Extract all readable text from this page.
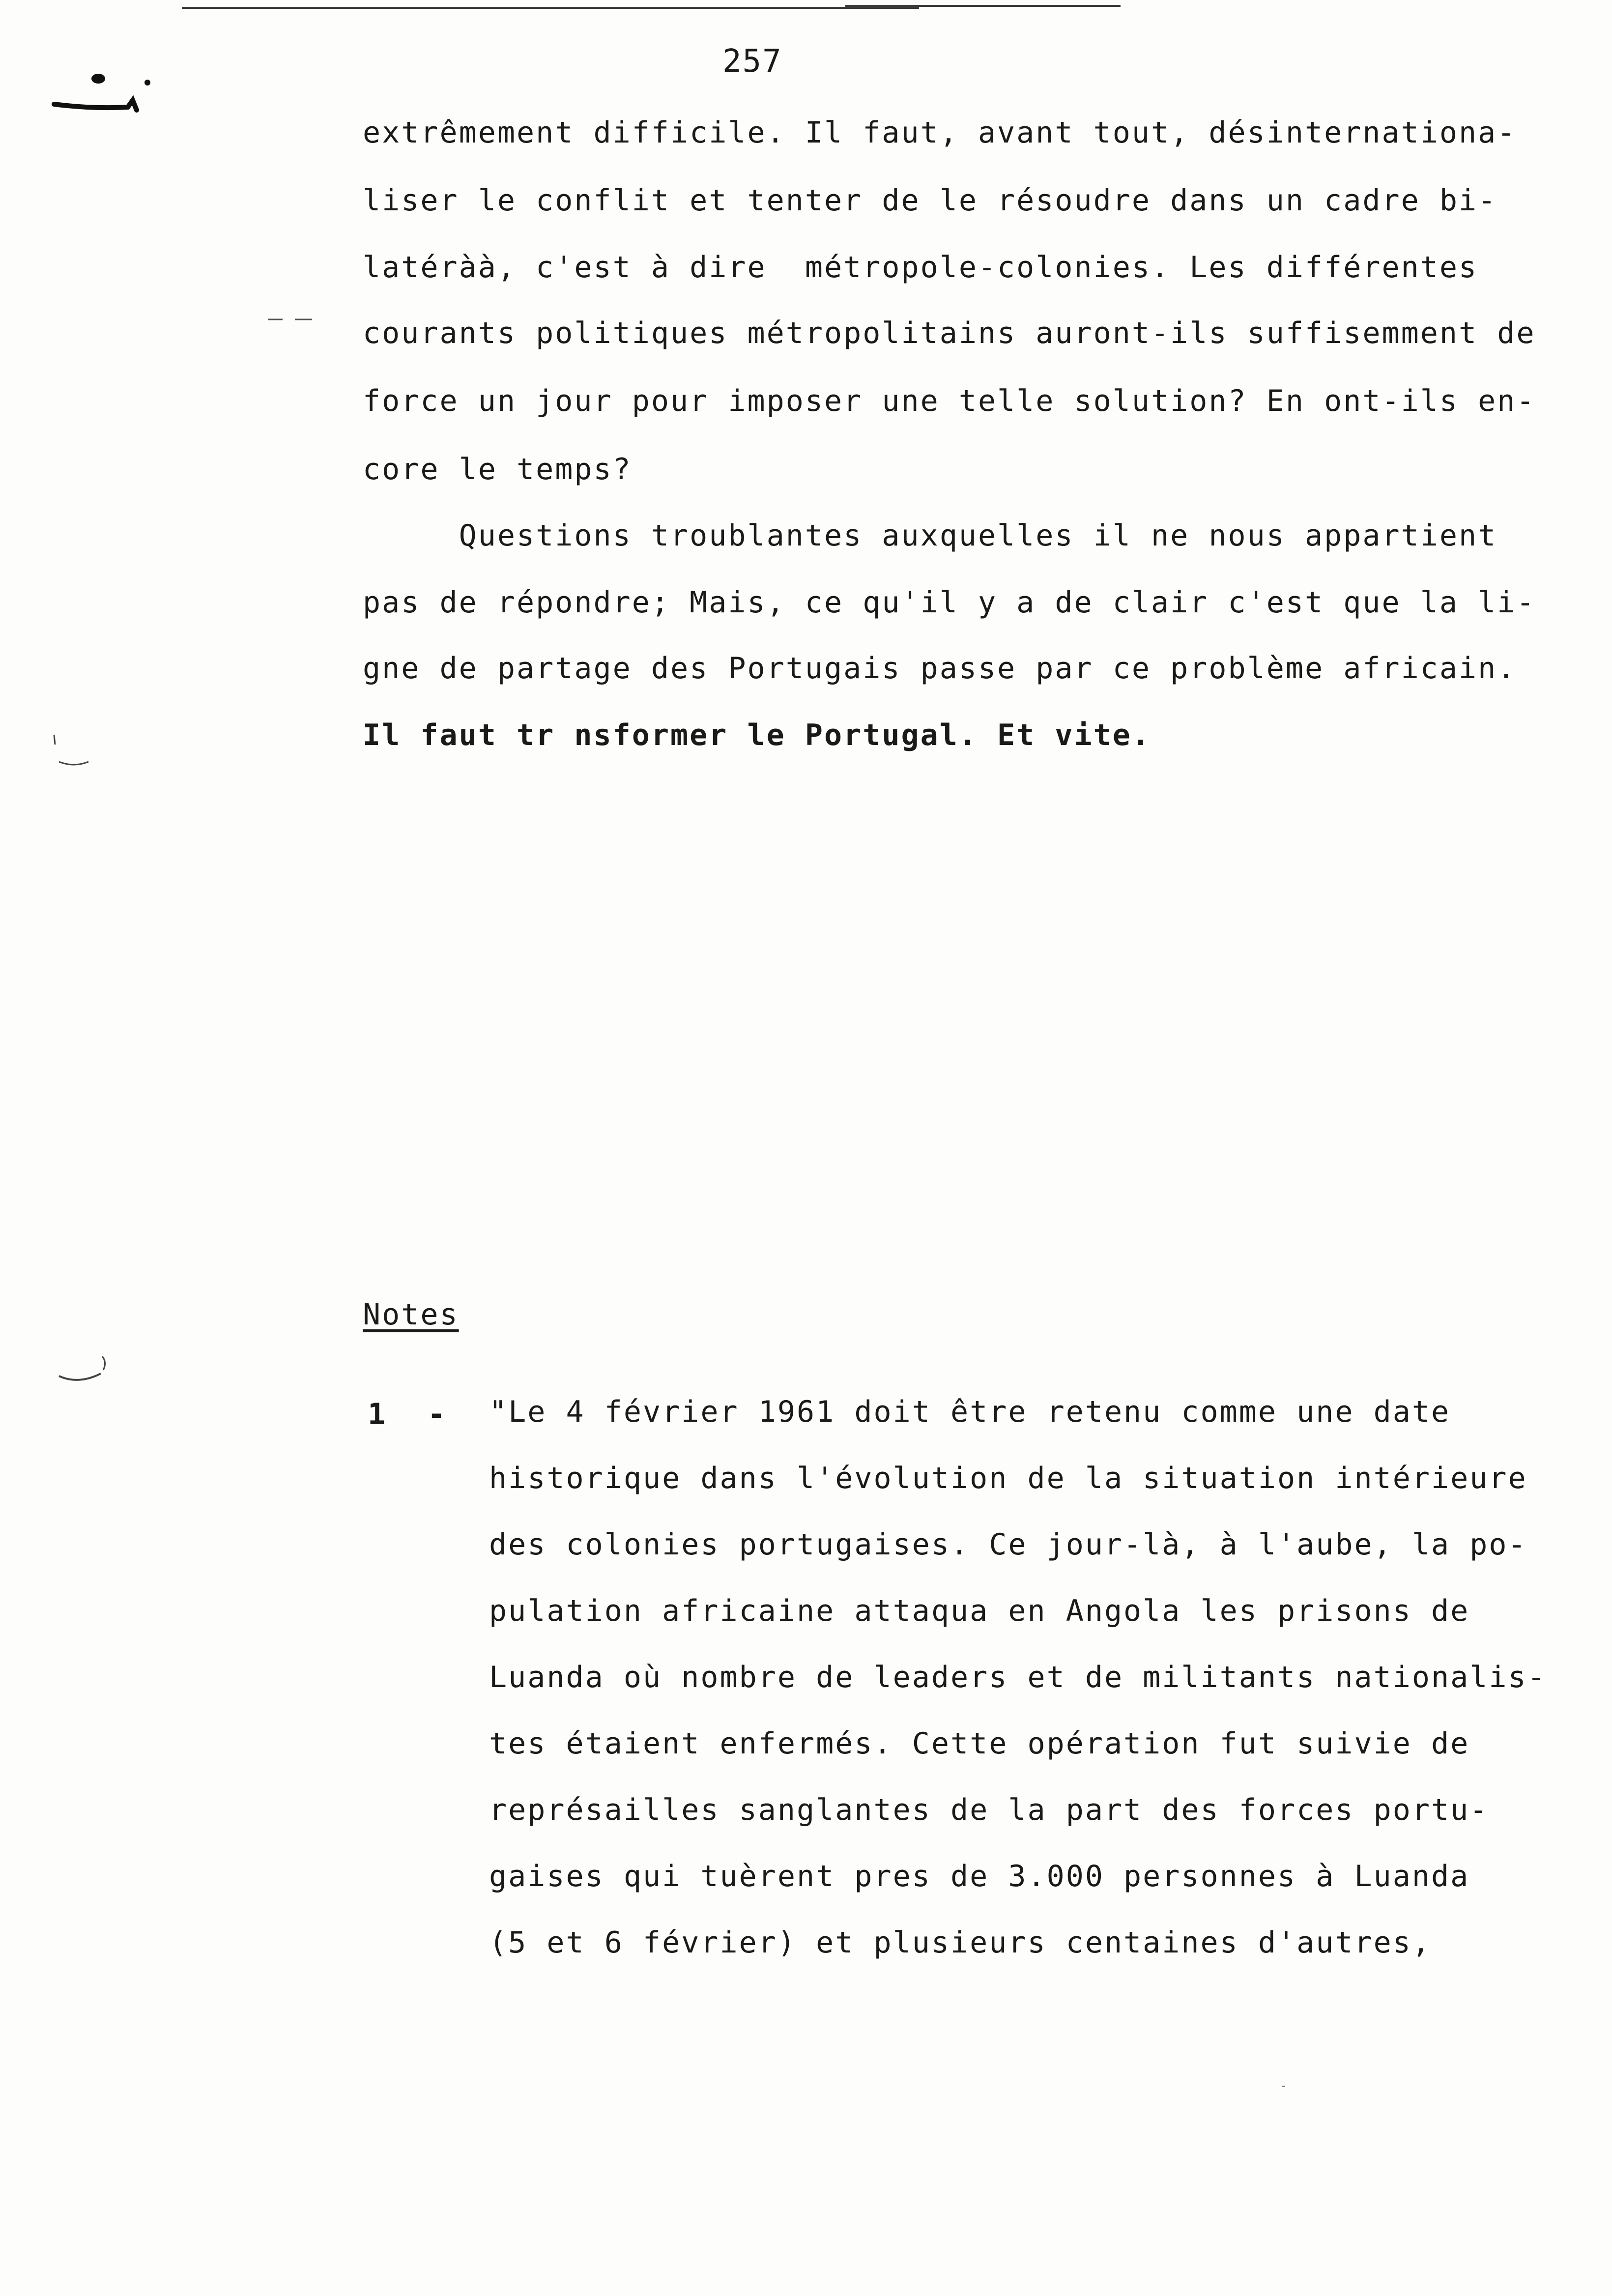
257
extrêmement difficile. Il faut, avant tout, désinternationa-
liser le conflit et tenter de le résoudre dans un cadre bi-
latéràà, c'est à dire  métropole-colonies. Les différentes
courants politiques métropolitains auront-ils suffisemment de
force un jour pour imposer une telle solution? En ont-ils en-
core le temps?
Questions troublantes auxquelles il ne nous appartient
pas de répondre; Mais, ce qu'il y a de clair c'est que la li-
gne de partage des Portugais passe par ce problème africain.
Il faut tr nsformer le Portugal. Et vite.
Notes
1 - "Le 4 février 1961 doit être retenu comme une date
historique dans l'évolution de la situation intérieure
des colonies portugaises. Ce jour-là, à l'aube, la po-
pulation africaine attaqua en Angola les prisons de
Luanda où nombre de leaders et de militants nationalis-
tes étaient enfermés. Cette opération fut suivie de
représailles sanglantes de la part des forces portu-
gaises qui tuèrent pres de 3.000 personnes à Luanda
(5 et 6 février) et plusieurs centaines d'autres,
